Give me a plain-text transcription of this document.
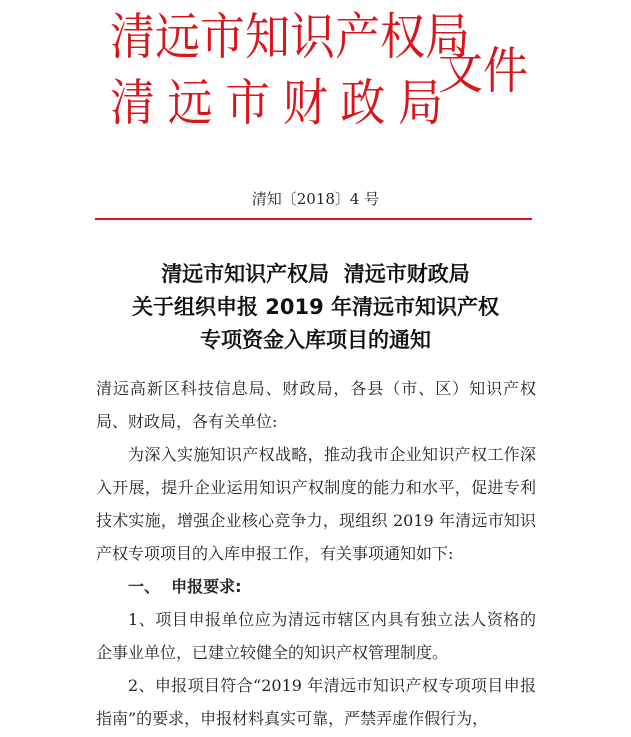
清远市知识产权局
清远市财政局
文件
清知〔2018〕4 号
清远市知识产权局  清远市财政局
关于组织申报 2019 年清远市知识产权
专项资金入库项目的通知

清远高新区科技信息局、财政局，各县（市、区）知识产权局、财政局，各有关单位:

为深入实施知识产权战略，推动我市企业知识产权工作深入开展，提升企业运用知识产权制度的能力和水平，促进专利技术实施，增强企业核心竞争力，现组织 2019 年清远市知识产权专项项目的入库申报工作，有关事项通知如下:

一、  申报要求:

1、项目申报单位应为清远市辖区内具有独立法人资格的企事业单位，已建立较健全的知识产权管理制度。

2、申报项目符合“2019 年清远市知识产权专项项目申报指南”的要求，申报材料真实可靠，严禁弄虚作假行为，
